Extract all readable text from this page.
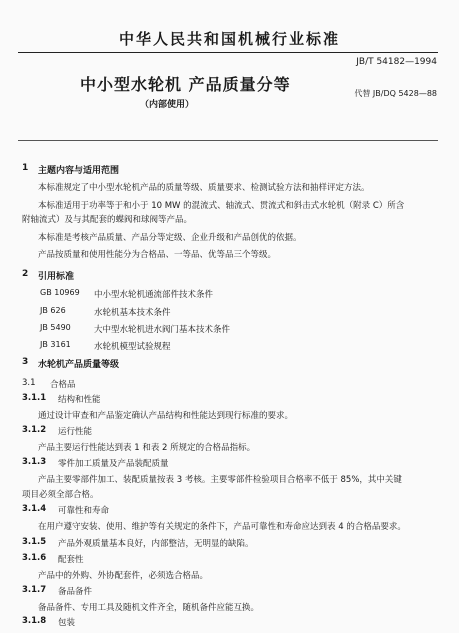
中华人民共和国机械行业标准
JB/T 54182—1994
中小型水轮机 产品质量分等	代替 JB/DQ 5428—88
（内部使用）
1 主题内容与适用范围
本标准规定了中小型水轮机产品的质量等级、质量要求、检测试验方法和抽样评定方法。
本标准适用于功率等于和小于 10 MW 的混流式、轴流式、贯流式和斜击式水轮机（附录 C）所含
附轴流式）及与其配套的蝶阀和球阀等产品。
本标准是考核产品质量、产品分等定级、企业升级和产品创优的依据。
产品按质量和使用性能分为合格品、一等品、优等品三个等级。
2 引用标准
GB 10969 中小型水轮机通流部件技术条件
JB 626	水轮机基本技术条件
JB 5490	大中型水轮机进水阀门基本技术条件
JB 3161	水轮机模型试验规程
3 水轮机产品质量等级
3.1 合格品
3.1.1 结构和性能
通过设计审查和产品鉴定确认产品结构和性能达到现行标准的要求。
3.1.2 运行性能
产品主要运行性能达到表 1 和表 2 所规定的合格品指标。
3.1.3 零件加工质量及产品装配质量
产品主要零部件加工、装配质量按表 3 考核。主要零部件检验项目合格率不低于 85%，其中关键
项目必须全部合格。
3.1.4 可靠性和寿命
在用户遵守安装、使用、维护等有关规定的条件下，产品可靠性和寿命应达到表 4 的合格品要求。
3.1.5 产品外观质量基本良好，内部整洁，无明显的缺陷。
3.1.6 配套性
产品中的外购、外协配套件，必须选合格品。
3.1.7 备品备件
备品备件、专用工具及随机文件齐全，随机备件应能互换。
3.1.8 包装
